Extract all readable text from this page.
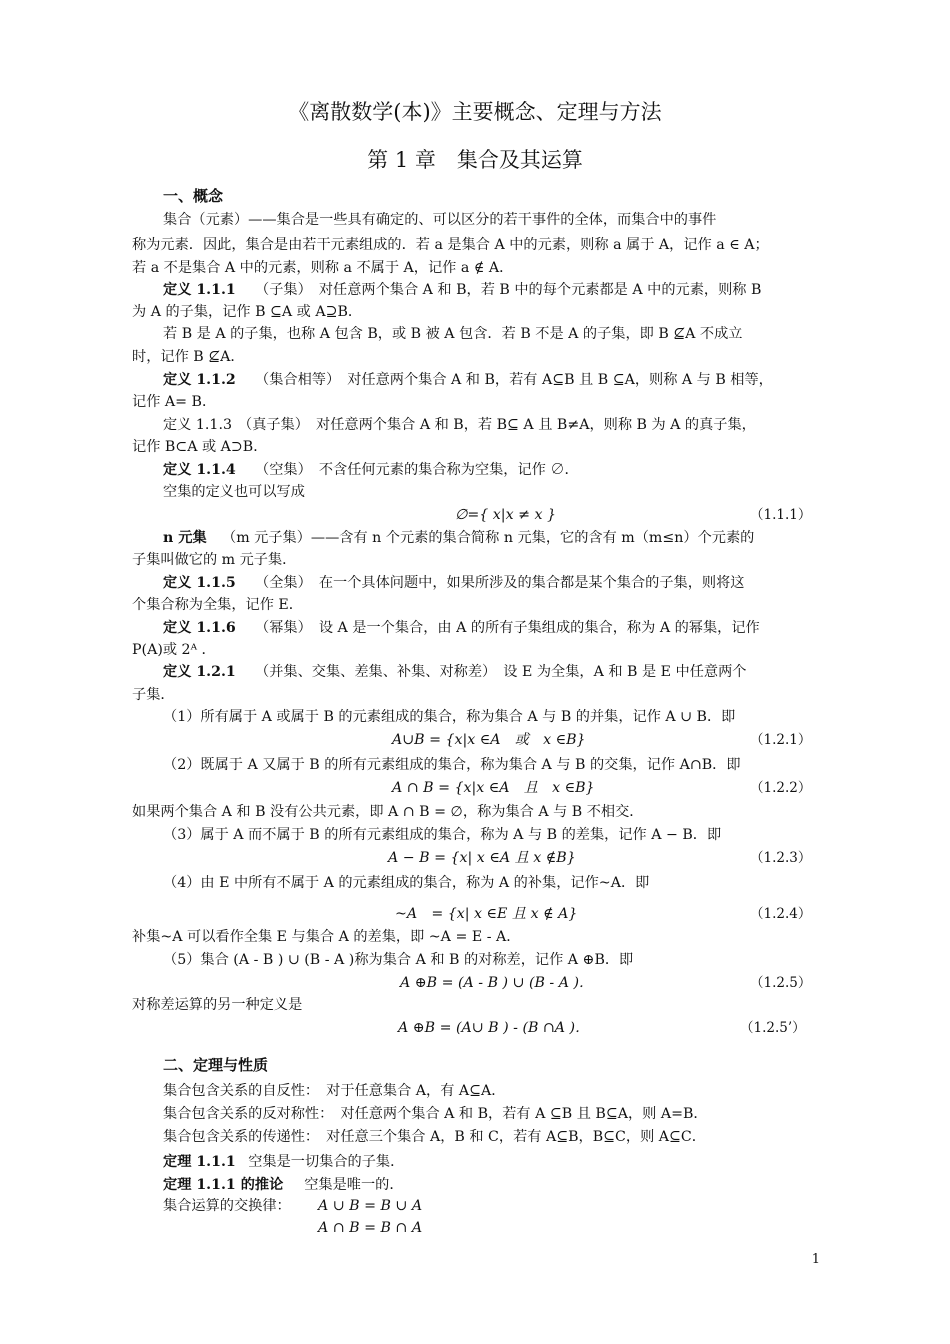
《离散数学(本)》主要概念、定理与方法
第 1 章　集合及其运算
一、概念
二、定理与性质
集合（元素）——集合是一些具有确定的、可以区分的若干事件的全体，而集合中的事件
称为元素．因此，集合是由若干元素组成的．若 a 是集合 A 中的元素，则称 a 属于 A，记作 a ∈ A；
若 a 不是集合 A 中的元素，则称 a 不属于 A，记作 a ∉ A．
定义 1.1.1 （子集）　对任意两个集合 A 和 B，若 B 中的每个元素都是 A 中的元素，则称 B
为 A 的子集，记作 B ⊆A 或 A⊇B．
若 B 是 A 的子集，也称 A 包含 B，或 B 被 A 包含．若 B 不是 A 的子集，即 B ⊈A 不成立
时，记作 B ⊈A．
定义 1.1.2 （集合相等）　对任意两个集合 A 和 B，若有 A⊆B 且 B ⊆A，则称 A 与 B 相等，
记作 A= B．
定义 1.1.3 （真子集）　对任意两个集合 A 和 B，若 B⊆ A 且 B≠A，则称 B 为 A 的真子集，
记作 B⊂A 或 A⊃B．
定义 1.1.4 （空集）　不含任何元素的集合称为空集，记作 ∅．
空集的定义也可以写成
n 元集 （m 元子集）——含有 n 个元素的集合简称 n 元集，它的含有 m（m≤n）个元素的
子集叫做它的 m 元子集．
定义 1.1.5 （全集）　在一个具体问题中，如果所涉及的集合都是某个集合的子集，则将这
个集合称为全集，记作 E．
定义 1.1.6 （幂集）　设 A 是一个集合，由 A 的所有子集组成的集合，称为 A 的幂集，记作
P(A)或 2ᴬ ．
定义 1.2.1 （并集、交集、差集、补集、对称差）　设 E 为全集，A 和 B 是 E 中任意两个
子集．
（1）所有属于 A 或属于 B 的元素组成的集合，称为集合 A 与 B 的并集，记作 A ∪ B．即
（2）既属于 A 又属于 B 的所有元素组成的集合，称为集合 A 与 B 的交集，记作 A∩B．即
如果两个集合 A 和 B 没有公共元素，即 A ∩ B = ∅，称为集合 A 与 B 不相交．
（3）属于 A 而不属于 B 的所有元素组成的集合，称为 A 与 B 的差集，记作 A − B．即
（4）由 E 中所有不属于 A 的元素组成的集合，称为 A 的补集，记作~A．即
补集~A 可以看作全集 E 与集合 A 的差集，即 ~A = E - A．
（5）集合 (A - B ) ∪ (B - A )称为集合 A 和 B 的对称差，记作 A ⊕B．即
对称差运算的另一种定义是
集合包含关系的自反性：　对于任意集合 A，有 A⊆A．
集合包含关系的反对称性：　对任意两个集合 A 和 B，若有 A ⊆B 且 B⊆A，则 A=B．
集合包含关系的传递性：　对任意三个集合 A，B 和 C，若有 A⊆B，B⊆C，则 A⊆C．
定理 1.1.1
　空集是一切集合的子集．
定理 1.1.1 的推论 　空集是唯一的．
集合运算的交换律：
∅={ x|x ≠ x }	（1.1.1）
A∪B = {x|x ∈A　或　x ∈B}	（1.2.1）
A ∩ B = {x|x ∈A　且　x ∈B}	（1.2.2）
A − B = {x| x ∈A 且 x ∉B}	（1.2.3）
~A　= {x| x ∈E 且 x ∉ A}	（1.2.4）
A ⊕B = (A - B ) ∪ (B - A )．	（1.2.5）
A ⊕B = (A∪ B ) - (B ∩A )．	（1.2.5’）
A ∪ B = B ∪ A
A ∩ B = B ∩ A
1
